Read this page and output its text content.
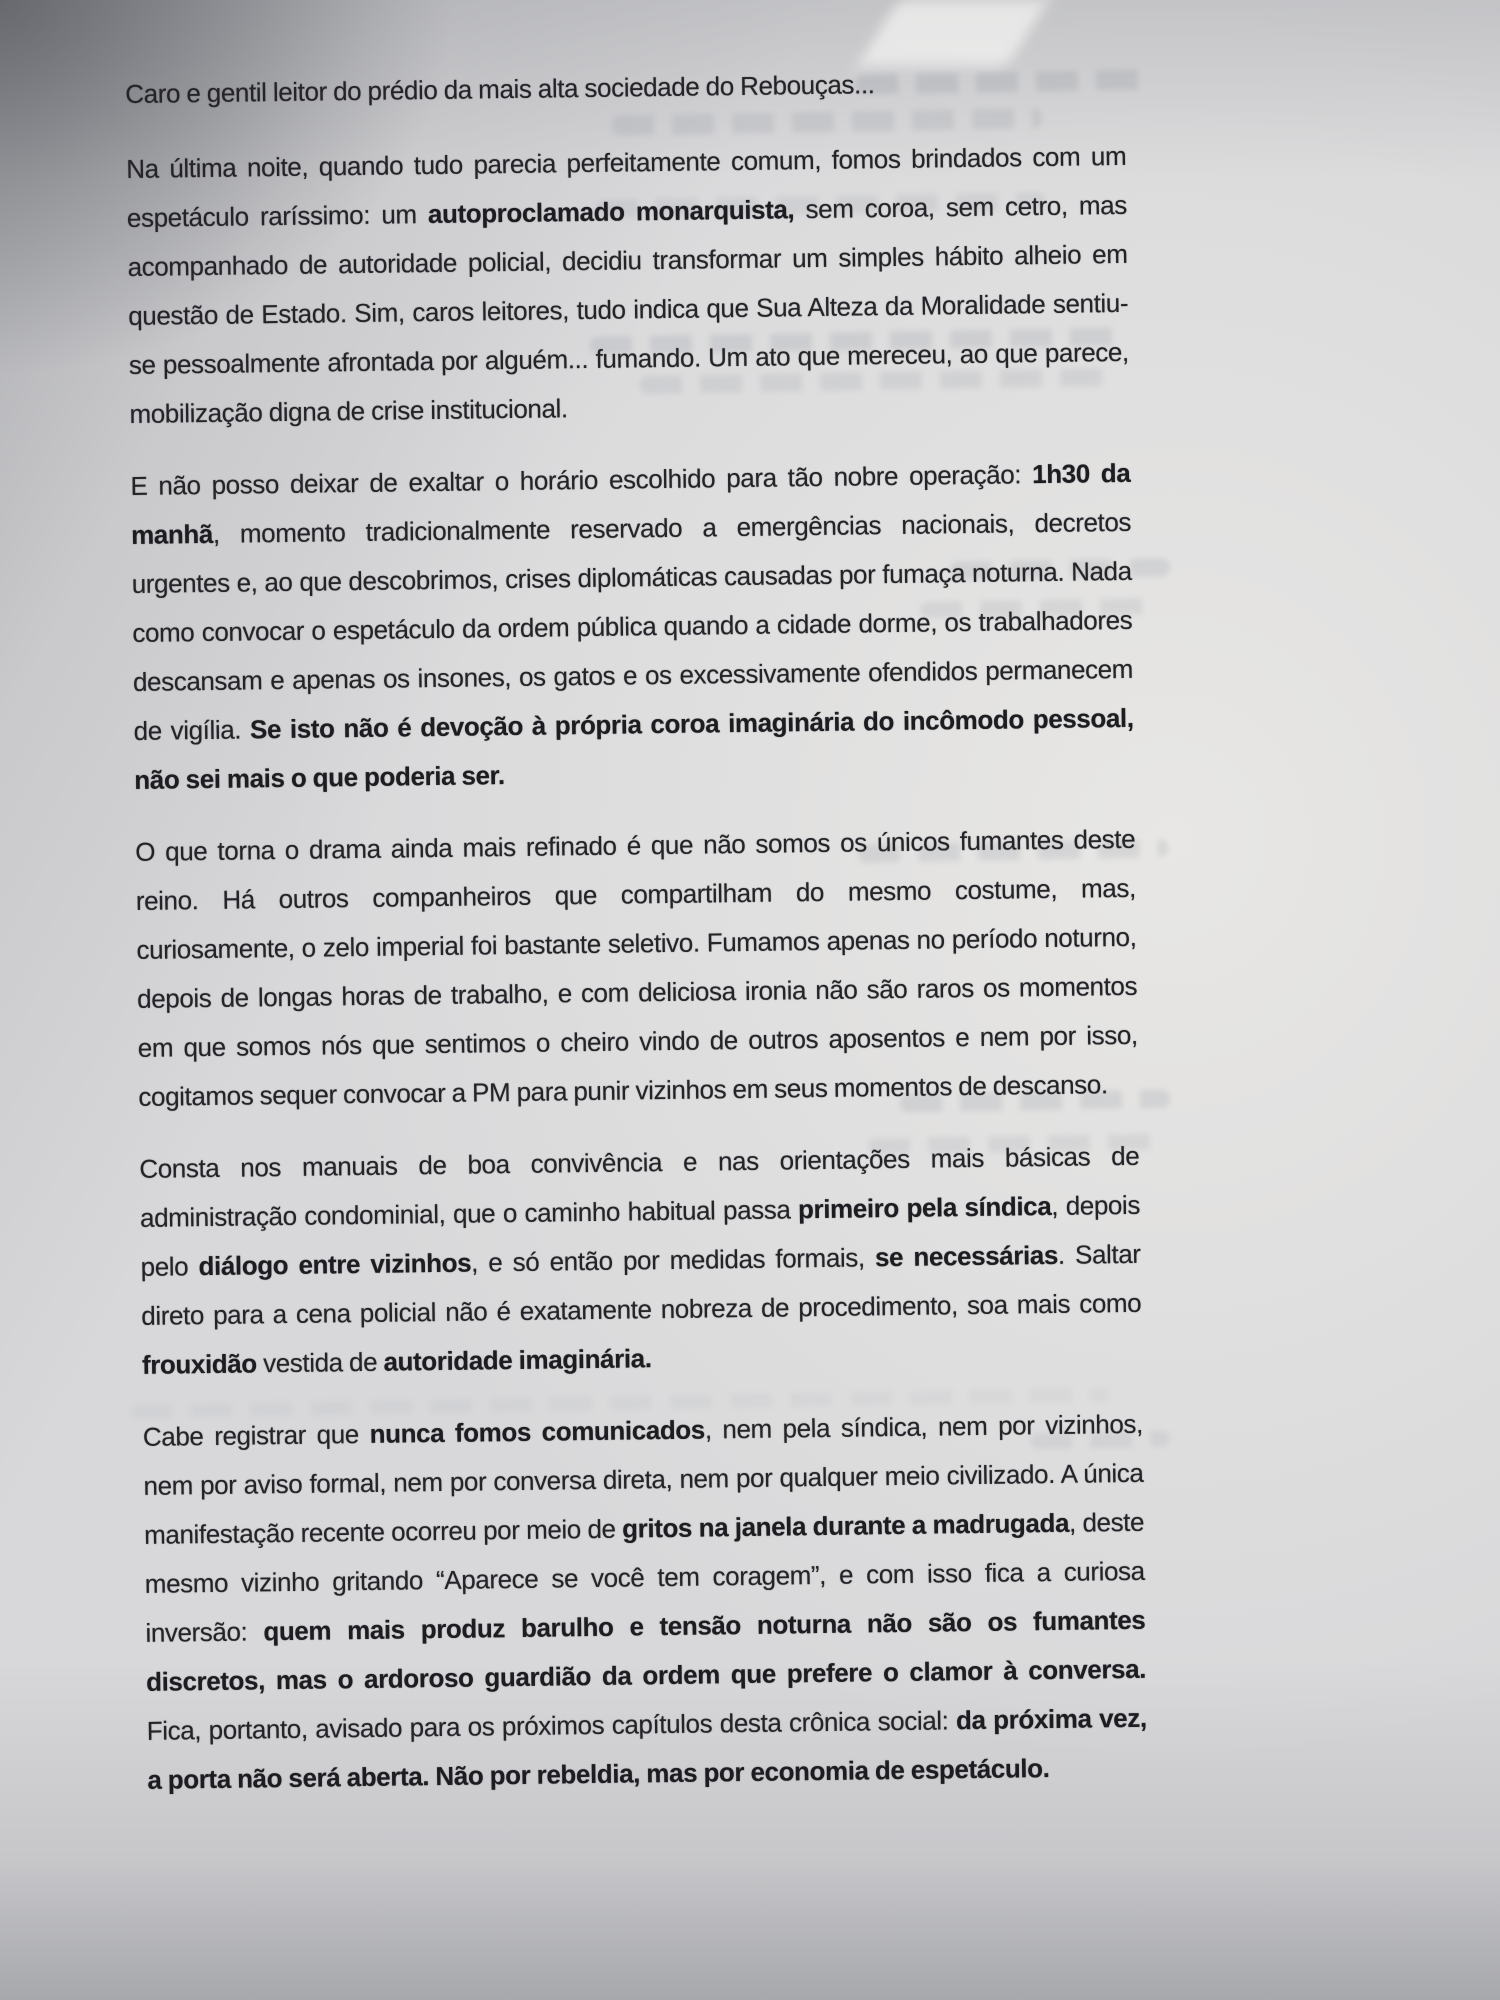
Caro e gentil leitor do prédio da mais alta sociedade do Rebouças...

Na última noite, quando tudo parecia perfeitamente comum, fomos brindados com um espetáculo raríssimo: um autoproclamado monarquista, sem coroa, sem cetro, mas acompanhado de autoridade policial, decidiu transformar um simples hábito alheio em questão de Estado. Sim, caros leitores, tudo indica que Sua Alteza da Moralidade sentiu-se pessoalmente afrontada por alguém... fumando. Um ato que mereceu, ao que parece, mobilização digna de crise institucional.

E não posso deixar de exaltar o horário escolhido para tão nobre operação: 1h30 da manhã, momento tradicionalmente reservado a emergências nacionais, decretos urgentes e, ao que descobrimos, crises diplomáticas causadas por fumaça noturna. Nada como convocar o espetáculo da ordem pública quando a cidade dorme, os trabalhadores descansam e apenas os insones, os gatos e os excessivamente ofendidos permanecem de vigília. Se isto não é devoção à própria coroa imaginária do incômodo pessoal, não sei mais o que poderia ser.

O que torna o drama ainda mais refinado é que não somos os únicos fumantes deste reino. Há outros companheiros que compartilham do mesmo costume, mas, curiosamente, o zelo imperial foi bastante seletivo. Fumamos apenas no período noturno, depois de longas horas de trabalho, e com deliciosa ironia não são raros os momentos em que somos nós que sentimos o cheiro vindo de outros aposentos e nem por isso, cogitamos sequer convocar a PM para punir vizinhos em seus momentos de descanso.

Consta nos manuais de boa convivência e nas orientações mais básicas de administração condominial, que o caminho habitual passa primeiro pela síndica, depois pelo diálogo entre vizinhos, e só então por medidas formais, se necessárias. Saltar direto para a cena policial não é exatamente nobreza de procedimento, soa mais como frouxidão vestida de autoridade imaginária.

Cabe registrar que nunca fomos comunicados, nem pela síndica, nem por vizinhos, nem por aviso formal, nem por conversa direta, nem por qualquer meio civilizado. A única manifestação recente ocorreu por meio de gritos na janela durante a madrugada, deste mesmo vizinho gritando “Aparece se você tem coragem”, e com isso fica a curiosa inversão: quem mais produz barulho e tensão noturna não são os fumantes discretos, mas o ardoroso guardião da ordem que prefere o clamor à conversa. Fica, portanto, avisado para os próximos capítulos desta crônica social: da próxima vez, a porta não será aberta. Não por rebeldia, mas por economia de espetáculo.
